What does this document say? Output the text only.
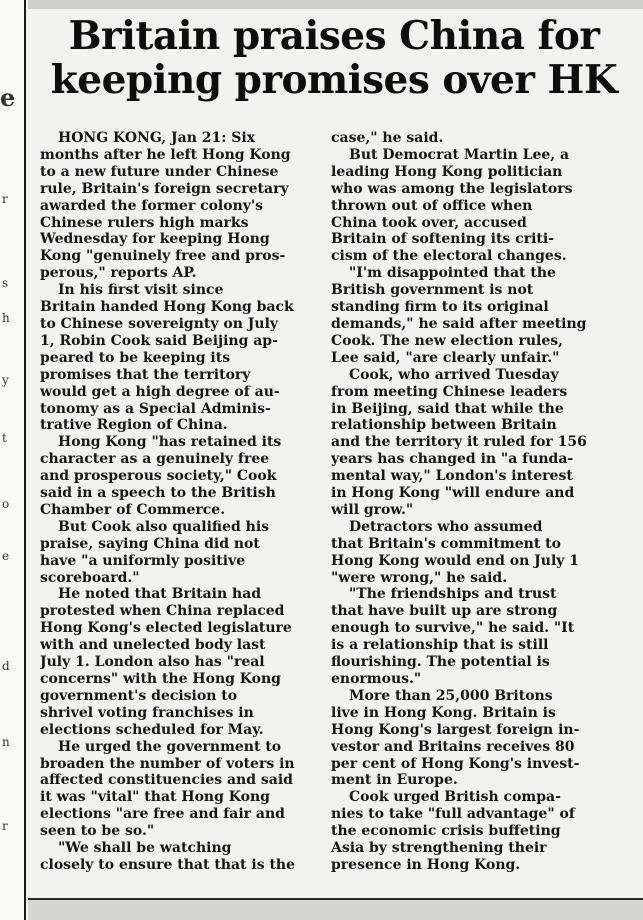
e
r
s
h
y
t
o
e
d
n
r
Britain praises China for
keeping promises over HK
HONG KONG, Jan 21: Six
months after he left Hong Kong
to a new future under Chinese
rule, Britain's foreign secretary
awarded the former colony's
Chinese rulers high marks
Wednesday for keeping Hong
Kong "genuinely free and pros-
perous," reports AP.
In his first visit since
Britain handed Hong Kong back
to Chinese sovereignty on July
1, Robin Cook said Beijing ap-
peared to be keeping its
promises that the territory
would get a high degree of au-
tonomy as a Special Adminis-
trative Region of China.
Hong Kong "has retained its
character as a genuinely free
and prosperous society," Cook
said in a speech to the British
Chamber of Commerce.
But Cook also qualified his
praise, saying China did not
have "a uniformly positive
scoreboard."
He noted that Britain had
protested when China replaced
Hong Kong's elected legislature
with and unelected body last
July 1. London also has "real
concerns" with the Hong Kong
government's decision to
shrivel voting franchises in
elections scheduled for May.
He urged the government to
broaden the number of voters in
affected constituencies and said
it was "vital" that Hong Kong
elections "are free and fair and
seen to be so."
"We shall be watching
closely to ensure that that is the
case," he said.
But Democrat Martin Lee, a
leading Hong Kong politician
who was among the legislators
thrown out of office when
China took over, accused
Britain of softening its criti-
cism of the electoral changes.
"I'm disappointed that the
British government is not
standing firm to its original
demands," he said after meeting
Cook. The new election rules,
Lee said, "are clearly unfair."
Cook, who arrived Tuesday
from meeting Chinese leaders
in Beijing, said that while the
relationship between Britain
and the territory it ruled for 156
years has changed in "a funda-
mental way," London's interest
in Hong Kong "will endure and
will grow."
Detractors who assumed
that Britain's commitment to
Hong Kong would end on July 1
"were wrong," he said.
"The friendships and trust
that have built up are strong
enough to survive," he said. "It
is a relationship that is still
flourishing. The potential is
enormous."
More than 25,000 Britons
live in Hong Kong. Britain is
Hong Kong's largest foreign in-
vestor and Britains receives 80
per cent of Hong Kong's invest-
ment in Europe.
Cook urged British compa-
nies to take "full advantage" of
the economic crisis buffeting
Asia by strengthening their
presence in Hong Kong.
